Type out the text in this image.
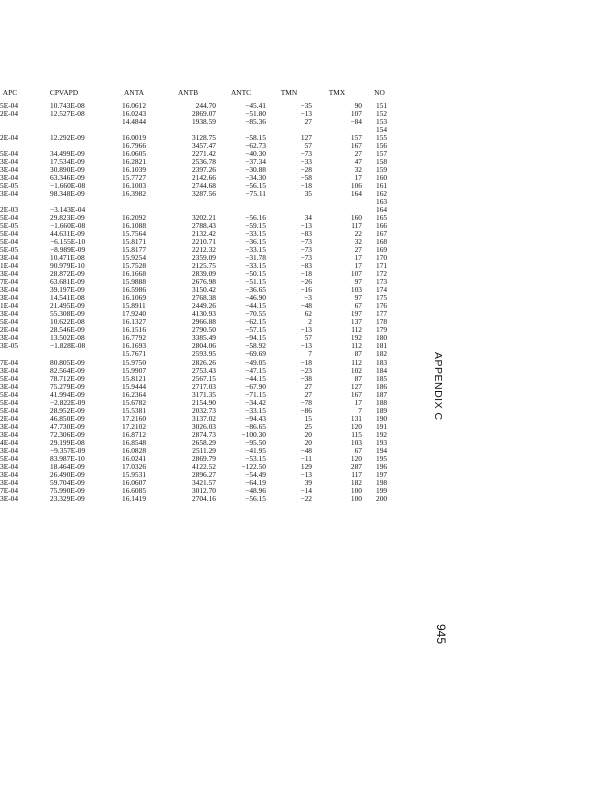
APC	CPVAPD	ANTA	ANTB	ANTC	TMN	TMX	NO
5E-04	10.743E-08	16.0612	244.70	−45.41	−35	90	151
2E-04	12.527E-08	16.0243	2869.07	−51.80	−13	107	152
		14.4844	1938.59	−85.36	27	−84	153
							154
2E-04	12.292E-09	16.0019	3128.75	−58.15	127	157	155
		16.7966	3457.47	−62.73	57	167	156
5E-04	34.499E-09	16.0605	2271.42	−40.30	−73	27	157
3E-04	17.534E-09	16.2821	2536.78	−37.34	−33	47	158
3E-04	30.890E-09	16.1039	2397.26	−30.88	−28	32	159
3E-04	63.346E-09	15.7727	2142.66	−34.30	−58	17	160
5E-05	−1.660E-08	16.1003	2744.68	−56.15	−18	106	161
3E-04	98.348E-09	16.3982	3287.56	−75.11	35	164	162
							163
2E-03	−3.143E-04						164
5E-04	29.823E-09	16.2092	3202.21	−56.16	34	160	165
5E-05	−1.660E-08	16.1088	2788.43	−59.15	−13	117	166
5E-04	44.631E-09	15.7564	2132.42	−33.15	−83	22	167
5E-04	−6.155E-10	15.8171	2210.71	−36.15	−73	32	168
5E-05	−8.989E-09	15.8177	2212.32	−33.15	−73	27	169
3E-04	10.471E-08	15.9254	2359.09	−31.78	−73	17	170
1E-04	90.979E-10	15.7528	2125.75	−33.15	−83	17	171
3E-04	28.872E-09	16.1668	2839.09	−50.15	−18	107	172
7E-04	63.681E-09	15.9888	2676.98	−51.15	−26	97	173
3E-04	39.197E-09	16.5986	3150.42	−36.65	−16	103	174
3E-04	14.541E-08	16.1069	2768.38	−46.90	−3	97	175
1E-04	21.495E-09	15.8911	2449.26	−44.15	−48	67	176
3E-04	55.308E-09	17.9240	4130.93	−70.55	62	197	177
5E-04	10.622E-08	16.1327	2966.88	−62.15	2	137	178
2E-04	28.546E-09	16.1516	2790.50	−57.15	−13	112	179
3E-04	13.502E-08	16.7792	3385.49	−94.15	57	192	180
3E-05	−1.828E-08	16.1693	2804.06	−58.92	−13	112	181
		15.7671	2593.95	−69.69	7	87	182
7E-04	80.805E-09	15.9750	2826.26	−49.05	−18	112	183
3E-04	82.564E-09	15.9907	2753.43	−47.15	−23	102	184
5E-04	78.712E-09	15.8121	2567.15	−44.15	−38	87	185
3E-04	75.279E-09	15.9444	2717.03	−67.90	27	127	186
5E-04	41.994E-09	16.2364	3171.35	−71.15	27	167	187
5E-04	−2.822E-09	15.6782	2154.90	−34.42	−78	17	188
5E-04	28.952E-09	15.5381	2032.73	−33.15	−86	7	189
2E-04	46.850E-09	17.2160	3137.02	−94.43	15	131	190
3E-04	47.730E-09	17.2102	3026.03	−86.65	25	120	191
3E-04	72.306E-09	16.8712	2874.73	−100.30	20	115	192
4E-04	29.199E-08	16.8548	2658.29	−95.50	20	103	193
3E-04	−9.357E-09	16.0828	2511.29	−41.95	−48	67	194
5E-04	83.987E-10	16.0241	2869.79	−53.15	−11	120	195
3E-04	18.464E-09	17.0326	4122.52	−122.50	129	287	196
3E-04	26.490E-09	15.9531	2896.27	−54.49	−13	117	197
3E-04	59.704E-09	16.0607	3421.57	−64.19	39	182	198
7E-04	75.990E-09	16.6085	3012.70	−48.96	−14	100	199
3E-04	23.329E-09	16.1419	2704.16	−56.15	−22	100	200
APPENDIX C
945
